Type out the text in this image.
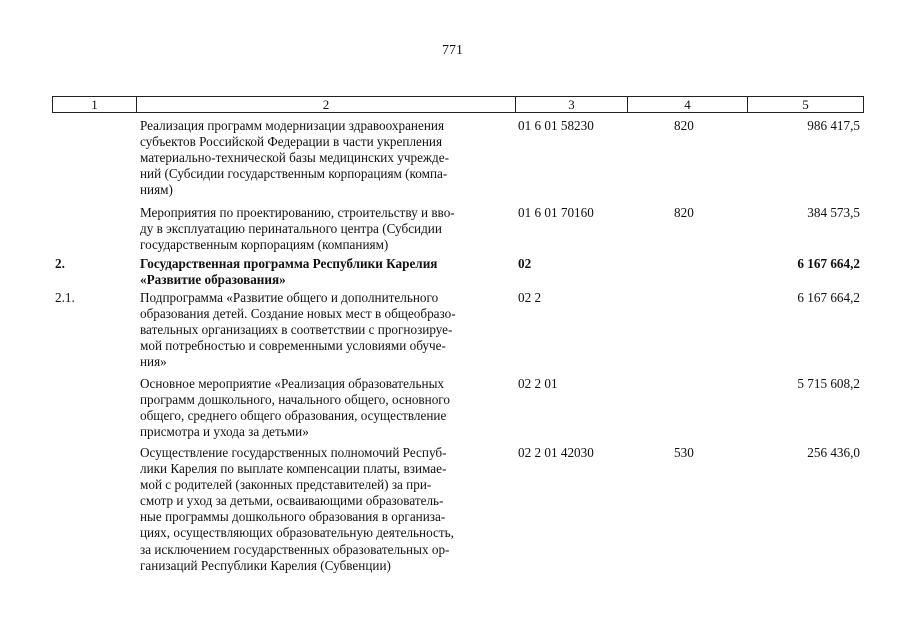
771
1	2	3	4	5
Реализация программ модернизации здравоохранения
субъектов Российской Федерации в части укрепления
материально-технической базы медицинских учрежде-
ний (Субсидии государственным корпорациям (компа-
ниям)
01 6 01 58230	820	986 417,5
Мероприятия по проектированию, строительству и вво-
ду в эксплуатацию перинатального центра (Субсидии
государственным корпорациям (компаниям)
01 6 01 70160	820	384 573,5
2.	Государственная программа Республики Карелия
«Развитие образования»
02	6 167 664,2
2.1.	Подпрограмма «Развитие общего и дополнительного
образования детей. Создание новых мест в общеобразо-
вательных организациях в соответствии с прогнозируе-
мой потребностью и современными условиями обуче-
ния»
02 2	6 167 664,2
Основное мероприятие «Реализация образовательных
программ дошкольного, начального общего, основного
общего, среднего общего образования, осуществление
присмотра и ухода за детьми»
02 2 01	5 715 608,2
Осуществление государственных полномочий Респуб-
лики Карелия по выплате компенсации платы, взимае-
мой с родителей (законных представителей) за при-
смотр и уход за детьми, осваивающими образователь-
ные программы дошкольного образования в организа-
циях, осуществляющих образовательную деятельность,
за исключением государственных образовательных ор-
ганизаций Республики Карелия (Субвенции)
02 2 01 42030	530	256 436,0
